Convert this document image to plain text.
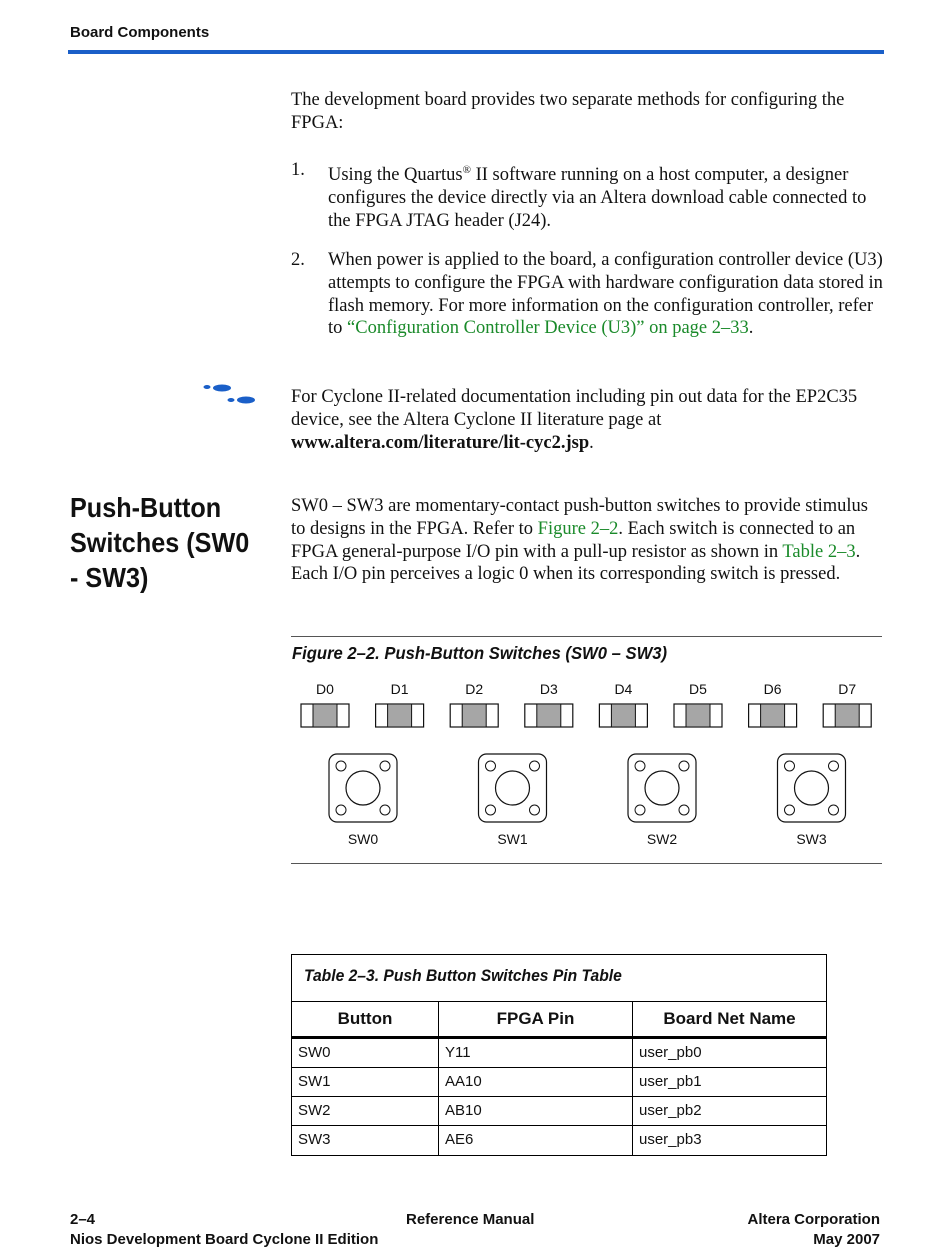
Board Components

The development board provides two separate methods for configuring the FPGA:

1. Using the Quartus® II software running on a host computer, a designer configures the device directly via an Altera download cable connected to the FPGA JTAG header (J24).
2. When power is applied to the board, a configuration controller device (U3) attempts to configure the FPGA with hardware configuration data stored in flash memory. For more information on the configuration controller, refer to “Configuration Controller Device (U3)” on page 2–33.

For Cyclone II-related documentation including pin out data for the EP2C35 device, see the Altera Cyclone II literature page at www.altera.com/literature/lit-cyc2.jsp.

Push-Button Switches (SW0 - SW3)

SW0 – SW3 are momentary-contact push-button switches to provide stimulus to designs in the FPGA. Refer to Figure 2–2. Each switch is connected to an FPGA general-purpose I/O pin with a pull-up resistor as shown in Table 2–3. Each I/O pin perceives a logic 0 when its corresponding switch is pressed.

Figure 2–2. Push-Button Switches (SW0 – SW3)
D0	D1	D2	D3	D4	D5	D6	D7
SW0	SW1	SW2	SW3
Table 2–3. Push Button Switches Pin Table
Button	FPGA Pin	Board Net Name
SW0	Y11	user_pb0
SW1	AA10	user_pb1
SW2	AB10	user_pb2
SW3	AE6	user_pb3
2–4
Nios Development Board Cyclone II Edition
Reference Manual	Altera Corporation
May 2007
